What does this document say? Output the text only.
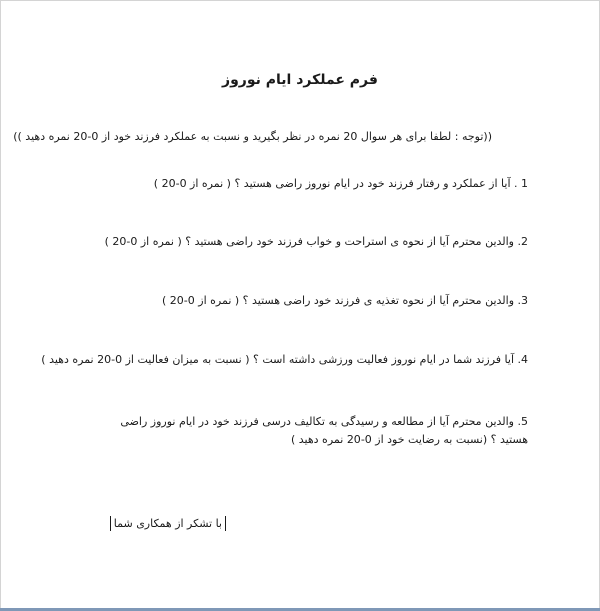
فرم عملکرد ایام نوروز
((توجه : لطفا برای هر سوال 20 نمره در نظر بگیرید و نسبت به عملکرد فرزند خود از 0-20 نمره دهید ))
1 . آیا از عملکرد و رفتار فرزند خود در ایام نوروز راضی هستید ؟ ( نمره از 0-20 )
2. والدین محترم آیا از نحوه ی استراحت و خواب فرزند خود راضی هستید ؟ ( نمره از 0-20 )
3. والدین محترم آیا از نحوه تغذیه ی فرزند خود راضی هستید ؟ ( نمره از 0-20 )
4. آیا فرزند شما در ایام نوروز فعالیت ورزشی داشته است ؟ ( نسبت به میزان فعالیت از 0-20 نمره دهید )
5. والدین محترم آیا از مطالعه و رسیدگی به تکالیف درسی فرزند خود در ایام نوروز راضی هستید ؟ (نسبت به رضایت خود از 0-20 نمره دهید )
با تشکر از همکاری شما
